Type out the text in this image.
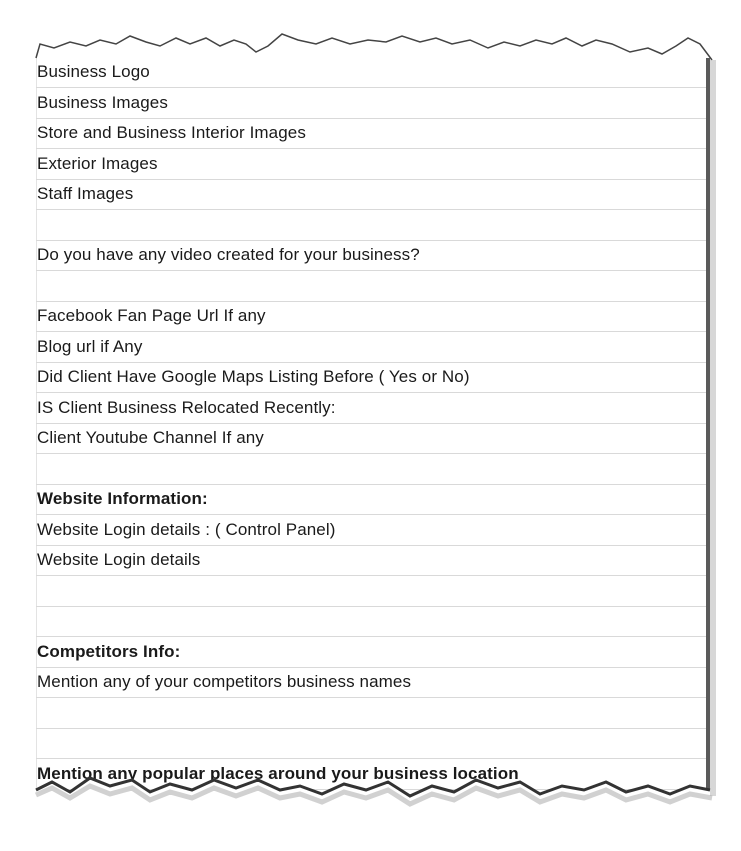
Business Logo
Business Images
Store and Business Interior Images
Exterior Images
Staff Images
Do you have any video created for your business?
Facebook Fan Page Url If any
Blog url if Any
Did Client Have Google Maps Listing Before ( Yes or No)
IS Client Business Relocated Recently:
Client Youtube Channel If any
Website Information:
Website Login details : ( Control Panel)
Website Login details
Competitors Info:
Mention any of your competitors business names
Mention any popular places around your business location
